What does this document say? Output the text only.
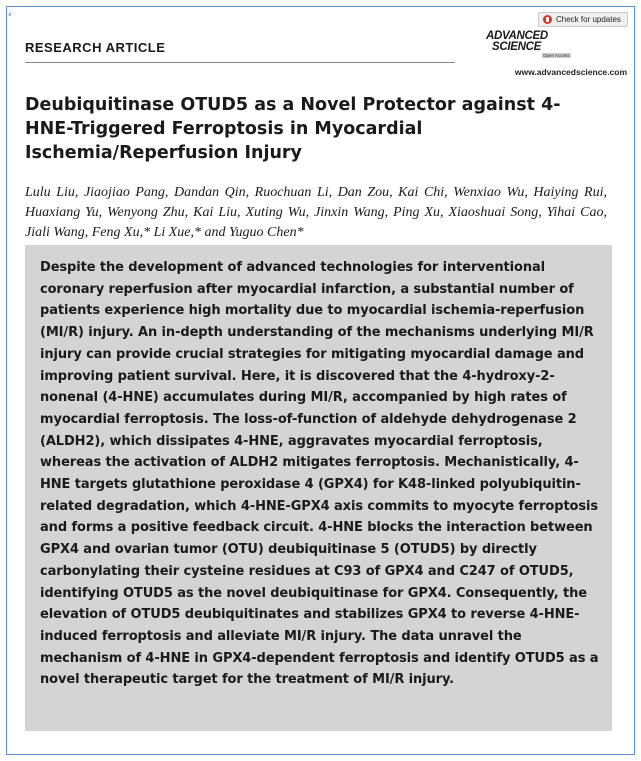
‹	Check for updates
RESEARCH ARTICLE
ADVANCED
SCIENCE
Open Access
www.advancedscience.com
Deubiquitinase OTUD5 as a Novel Protector against 4-HNE-Triggered Ferroptosis in Myocardial Ischemia/Reperfusion Injury

Lulu Liu, Jiaojiao Pang, Dandan Qin, Ruochuan Li, Dan Zou, Kai Chi, Wenxiao Wu, Haiying Rui, Huaxiang Yu, Wenyong Zhu, Kai Liu, Xuting Wu, Jinxin Wang, Ping Xu, Xiaoshuai Song, Yihai Cao, Jiali Wang, Feng Xu,* Li Xue,* and Yuguo Chen*

Despite the development of advanced technologies for interventional coronary reperfusion after myocardial infarction, a substantial number of patients experience high mortality due to myocardial ischemia-reperfusion (MI/R) injury. An in-depth understanding of the mechanisms underlying MI/R injury can provide crucial strategies for mitigating myocardial damage and improving patient survival. Here, it is discovered that the 4-hydroxy-2-nonenal (4-HNE) accumulates during MI/R, accompanied by high rates of myocardial ferroptosis. The loss-of-function of aldehyde dehydrogenase 2 (ALDH2), which dissipates 4-HNE, aggravates myocardial ferroptosis, whereas the activation of ALDH2 mitigates ferroptosis. Mechanistically, 4-HNE targets glutathione peroxidase 4 (GPX4) for K48-linked polyubiquitin-related degradation, which 4-HNE-GPX4 axis commits to myocyte ferroptosis and forms a positive feedback circuit. 4-HNE blocks the interaction between GPX4 and ovarian tumor (OTU) deubiquitinase 5 (OTUD5) by directly carbonylating their cysteine residues at C93 of GPX4 and C247 of OTUD5, identifying OTUD5 as the novel deubiquitinase for GPX4. Consequently, the elevation of OTUD5 deubiquitinates and stabilizes GPX4 to reverse 4-HNE-induced ferroptosis and alleviate MI/R injury. The data unravel the mechanism of 4-HNE in GPX4-dependent ferroptosis and identify OTUD5 as a novel therapeutic target for the treatment of MI/R injury.
